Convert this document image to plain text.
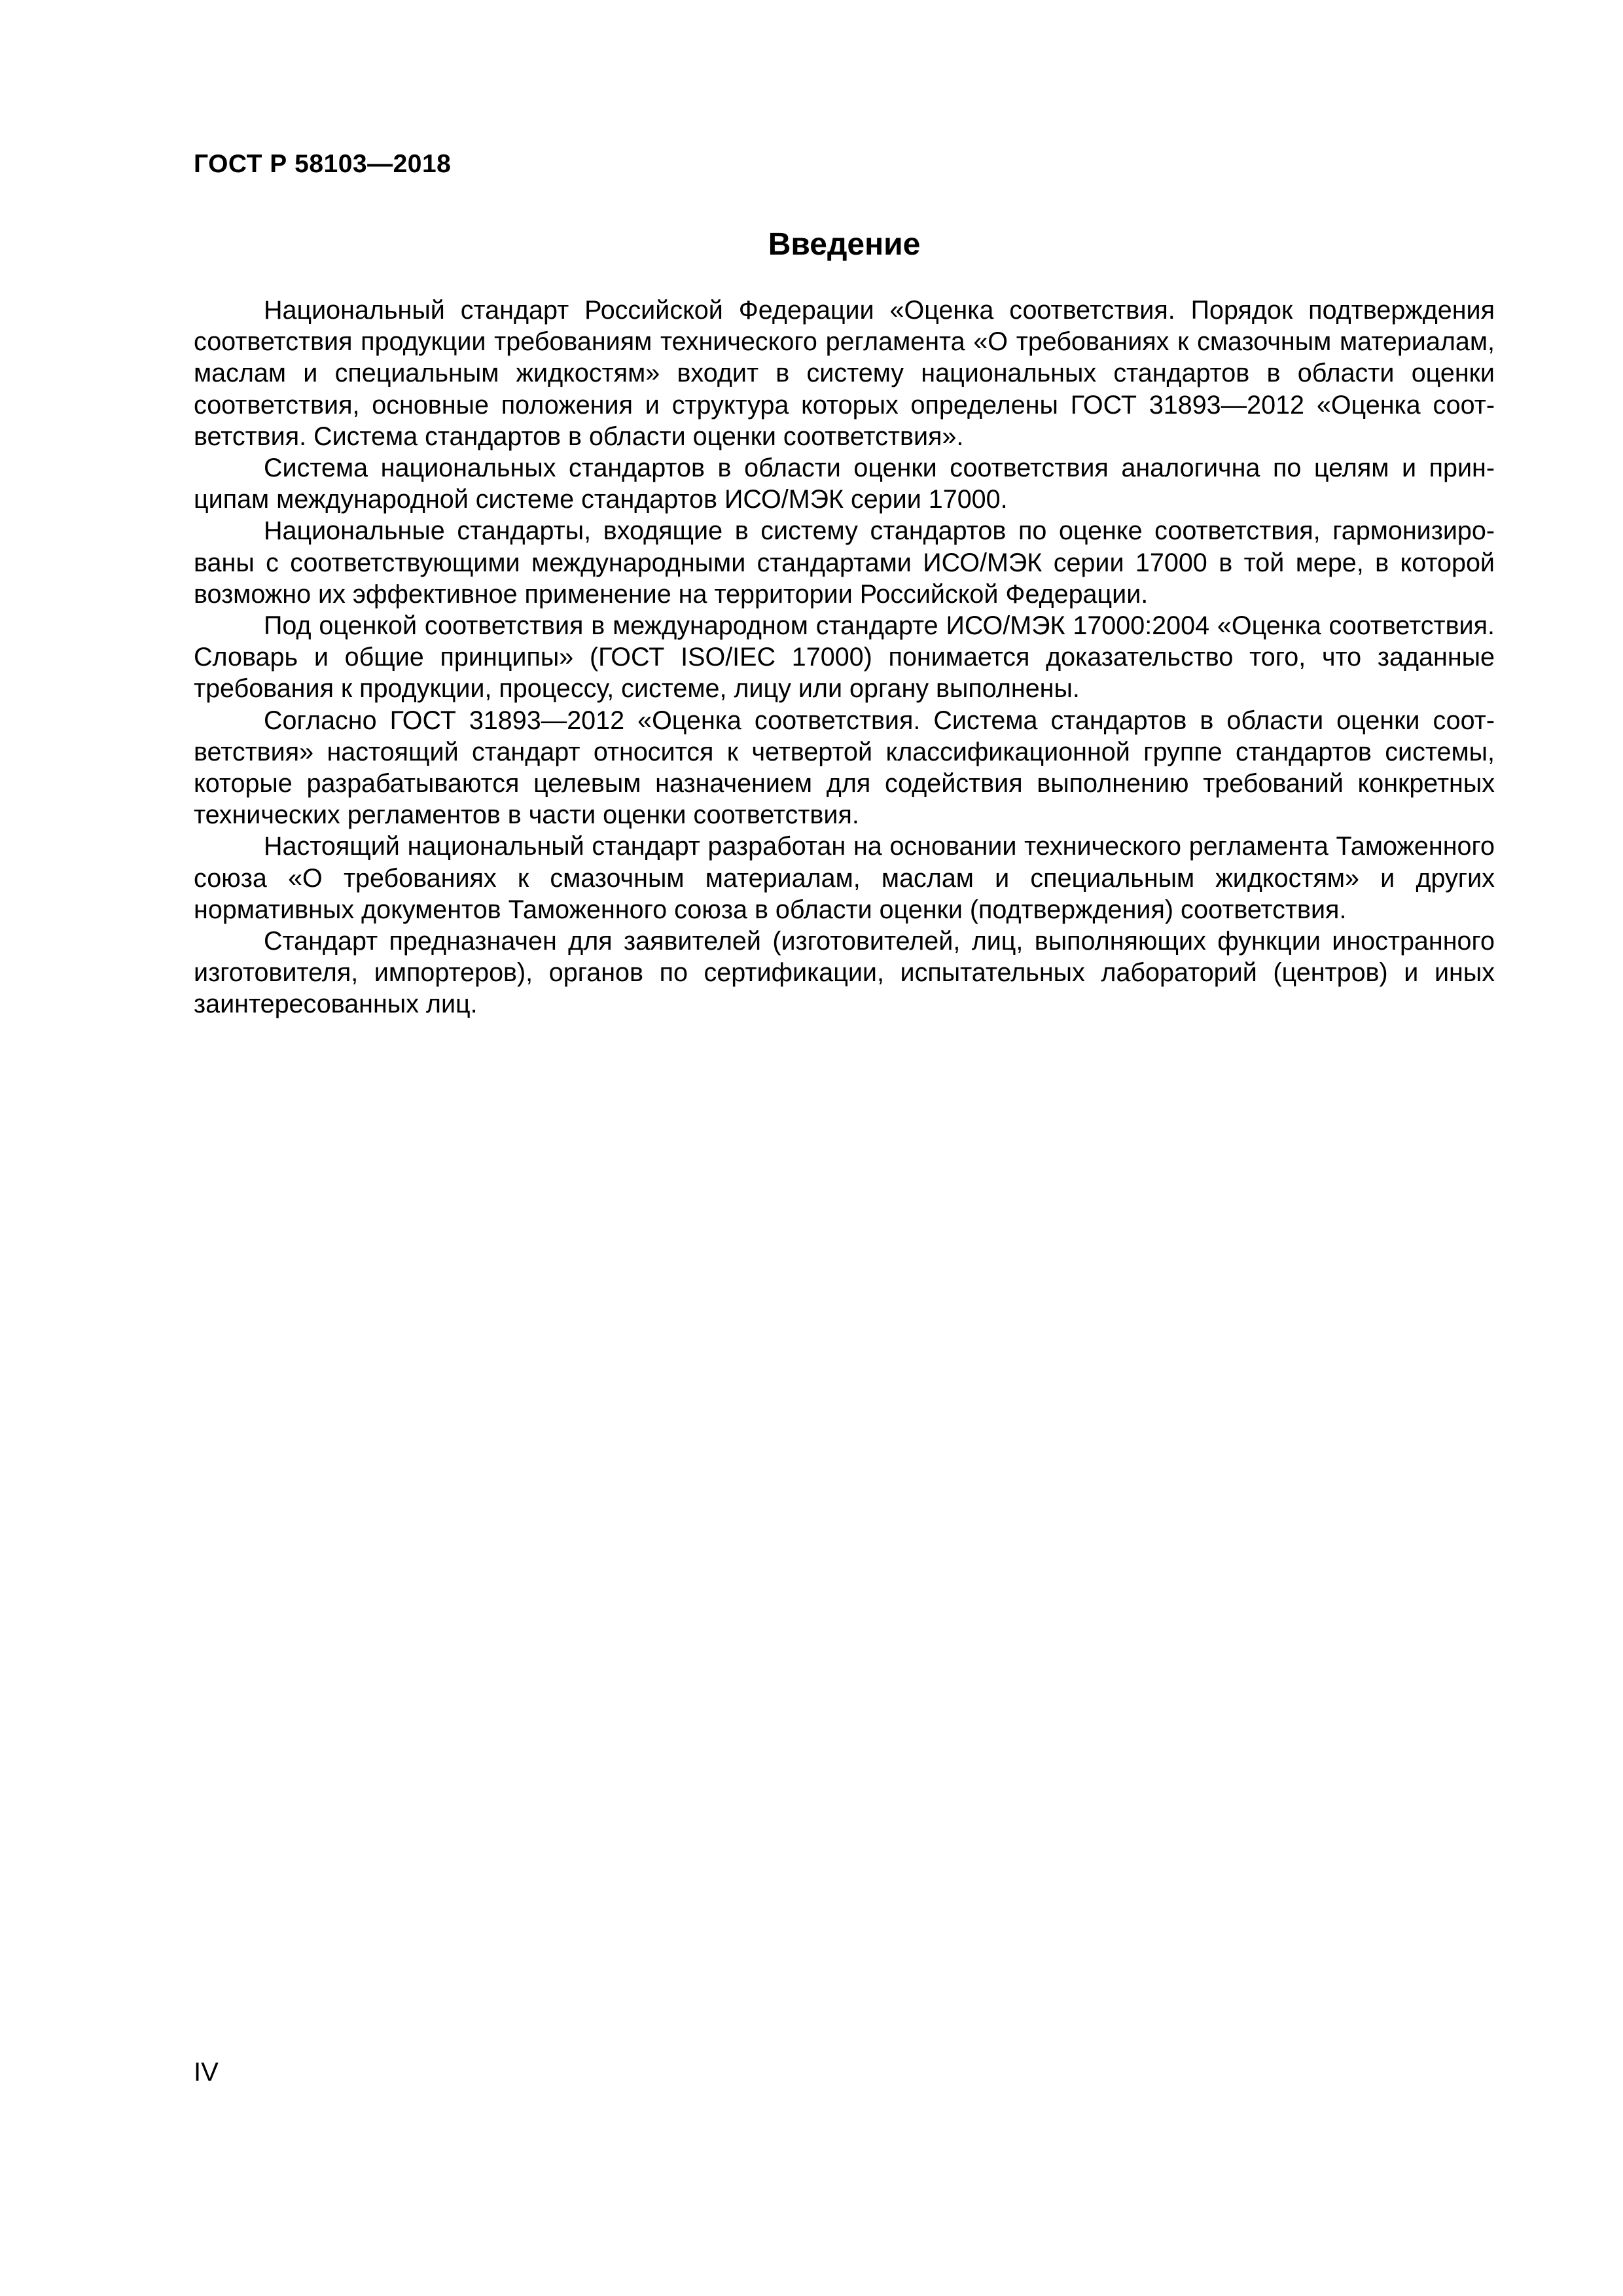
ГОСТ Р 58103—2018
Введение

Национальный стандарт Российской Федерации «Оценка соответствия. Порядок подтверждения соответствия продукции требованиям технического регламента «О требованиях к смазочным материалам, маслам и специальным жидкостям» входит в систему национальных стандартов в области оценки соответствия, основные положения и структура которых определены ГОСТ 31893—2012 «Оценка соответствия. Система стандартов в области оценки соответствия».

Система национальных стандартов в области оценки соответствия аналогична по целям и принципам международной системе стандартов ИСО/МЭК серии 17000.

Национальные стандарты, входящие в систему стандартов по оценке соответствия, гармонизированы с соответствующими международными стандартами ИСО/МЭК серии 17000 в той мере, в которой возможно их эффективное применение на территории Российской Федерации.

Под оценкой соответствия в международном стандарте ИСО/МЭК 17000:2004 «Оценка соответствия. Словарь и общие принципы» (ГОСТ ISO/IEC 17000) понимается доказательство того, что заданные требования к продукции, процессу, системе, лицу или органу выполнены.

Согласно ГОСТ 31893—2012 «Оценка соответствия. Система стандартов в области оценки соответствия» настоящий стандарт относится к четвертой классификационной группе стандартов системы, которые разрабатываются целевым назначением для содействия выполнению требований конкретных технических регламентов в части оценки соответствия.

Настоящий национальный стандарт разработан на основании технического регламента Таможенного союза «О требованиях к смазочным материалам, маслам и специальным жидкостям» и других нормативных документов Таможенного союза в области оценки (подтверждения) соответствия.

Стандарт предназначен для заявителей (изготовителей, лиц, выполняющих функции иностранного изготовителя, импортеров), органов по сертификации, испытательных лабораторий (центров) и иных заинтересованных лиц.

IV
